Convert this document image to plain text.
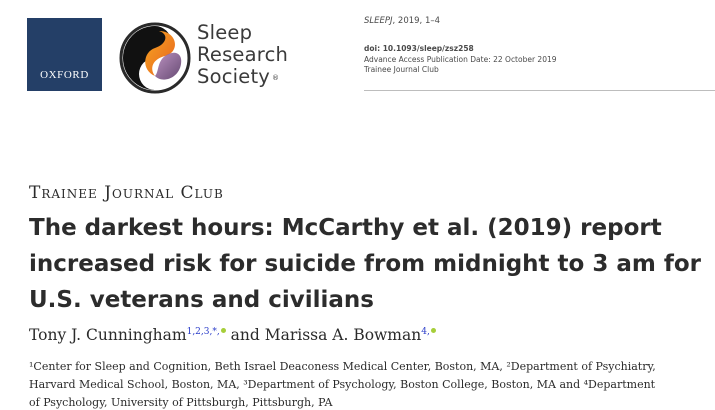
OXFORD
Sleep
Research
Society ®
SLEEPJ, 2019, 1–4
doi: 10.1093/sleep/zsz258
Advance Access Publication Date: 22 October 2019
Trainee Journal Club
Trainee Journal Club
The darkest hours: McCarthy et al. (2019) report
increased risk for suicide from midnight to 3 am for
U.S. veterans and civilians
Tony J. Cunningham$^{1,2,3,*,}$ and Marissa A. Bowman$^{4,}$
¹Center for Sleep and Cognition, Beth Israel Deaconess Medical Center, Boston, MA, ²Department of Psychiatry,
Harvard Medical School, Boston, MA, ³Department of Psychology, Boston College, Boston, MA and ⁴Department
of Psychology, University of Pittsburgh, Pittsburgh, PA
